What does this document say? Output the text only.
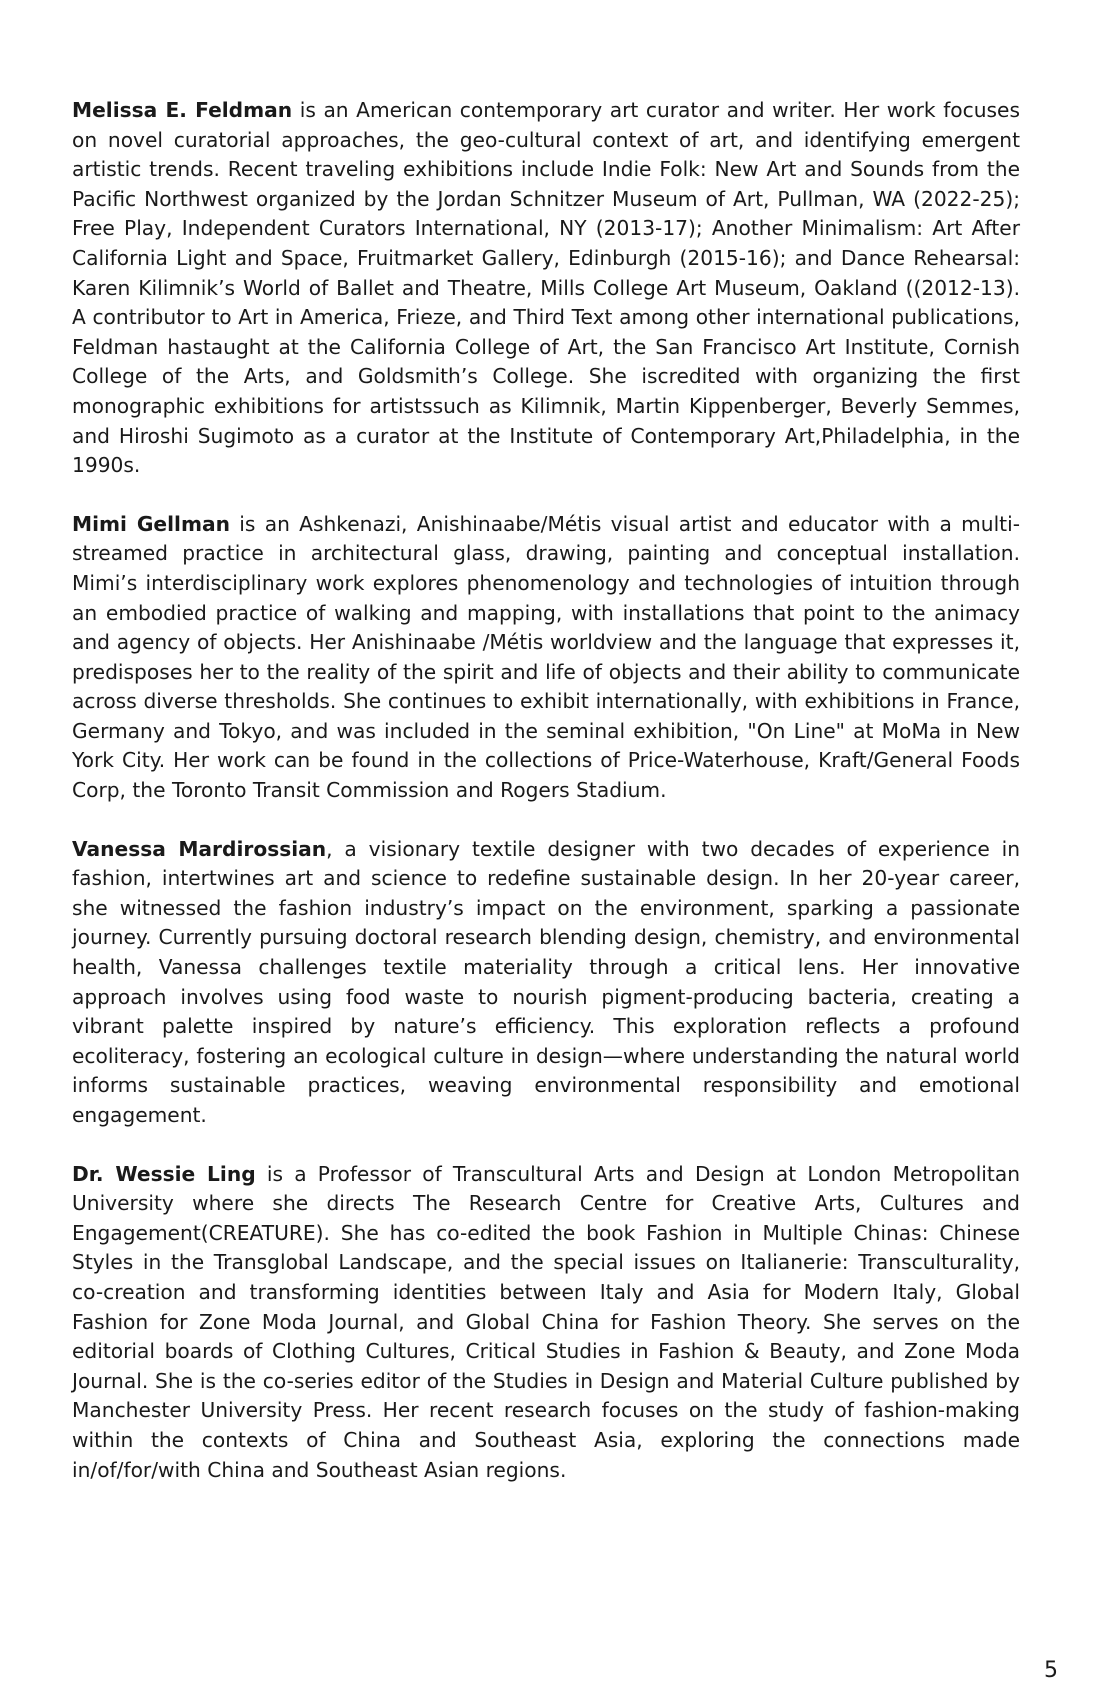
Melissa E. Feldman is an American contemporary art curator and writer. Her work focuses on novel curatorial approaches, the geo-cultural context of art, and identifying emergent artistic trends. Recent traveling exhibitions include Indie Folk: New Art and Sounds from the Pacific Northwest organized by the Jordan Schnitzer Museum of Art, Pullman, WA (2022-25); Free Play, Independent Curators International, NY (2013-17); Another Minimalism: Art After California Light and Space, Fruitmarket Gallery, Edinburgh (2015-16); and Dance Rehearsal: Karen Kilimnik’s World of Ballet and Theatre, Mills College Art Museum, Oakland ((2012-13). A contributor to Art in America, Frieze, and Third Text among other international publications, Feldman hastaught at the California College of Art, the San Francisco Art Institute, Cornish College of the Arts, and Goldsmith’s College. She iscredited with organizing the first monographic exhibitions for artistssuch as Kilimnik, Martin Kippenberger, Beverly Semmes, and Hiroshi Sugimoto as a curator at the Institute of Contemporary Art,Philadelphia, in the 1990s.

Mimi Gellman is an Ashkenazi, Anishinaabe/Métis visual artist and educator with a multi-streamed practice in architectural glass, drawing, painting and conceptual installation. Mimi’s interdisciplinary work explores phenomenology and technologies of intuition through an embodied practice of walking and mapping, with installations that point to the animacy and agency of objects. Her Anishinaabe /Métis worldview and the language that expresses it, predisposes her to the reality of the spirit and life of objects and their ability to communicate across diverse thresholds. She continues to exhibit internationally, with exhibitions in France, Germany and Tokyo, and was included in the seminal exhibition, "On Line" at MoMa in New York City. Her work can be found in the collections of Price-Waterhouse, Kraft/General Foods Corp, the Toronto Transit Commission and Rogers Stadium.

Vanessa Mardirossian, a visionary textile designer with two decades of experience in fashion, intertwines art and science to redefine sustainable design. In her 20-year career, she witnessed the fashion industry’s impact on the environment, sparking a passionate journey. Currently pursuing doctoral research blending design, chemistry, and environmental health, Vanessa challenges textile materiality through a critical lens. Her innovative approach involves using food waste to nourish pigment-producing bacteria, creating a vibrant palette inspired by nature’s efficiency. This exploration reflects a profound ecoliteracy, fostering an ecological culture in design—where understanding the natural world informs sustainable practices, weaving environmental responsibility and emotional engagement.

Dr. Wessie Ling is a Professor of Transcultural Arts and Design at London Metropolitan University where she directs The Research Centre for Creative Arts, Cultures and Engagement(CREATURE). She has co-edited the book Fashion in Multiple Chinas: Chinese Styles in the Transglobal Landscape, and the special issues on Italianerie: Transculturality, co-creation and transforming identities between Italy and Asia for Modern Italy, Global Fashion for Zone Moda Journal, and Global China for Fashion Theory. She serves on the editorial boards of Clothing Cultures, Critical Studies in Fashion & Beauty, and Zone Moda Journal. She is the co-series editor of the Studies in Design and Material Culture published by Manchester University Press. Her recent research focuses on the study of fashion-making within the contexts of China and Southeast Asia, exploring the connections made in/of/for/with China and Southeast Asian regions.

5
